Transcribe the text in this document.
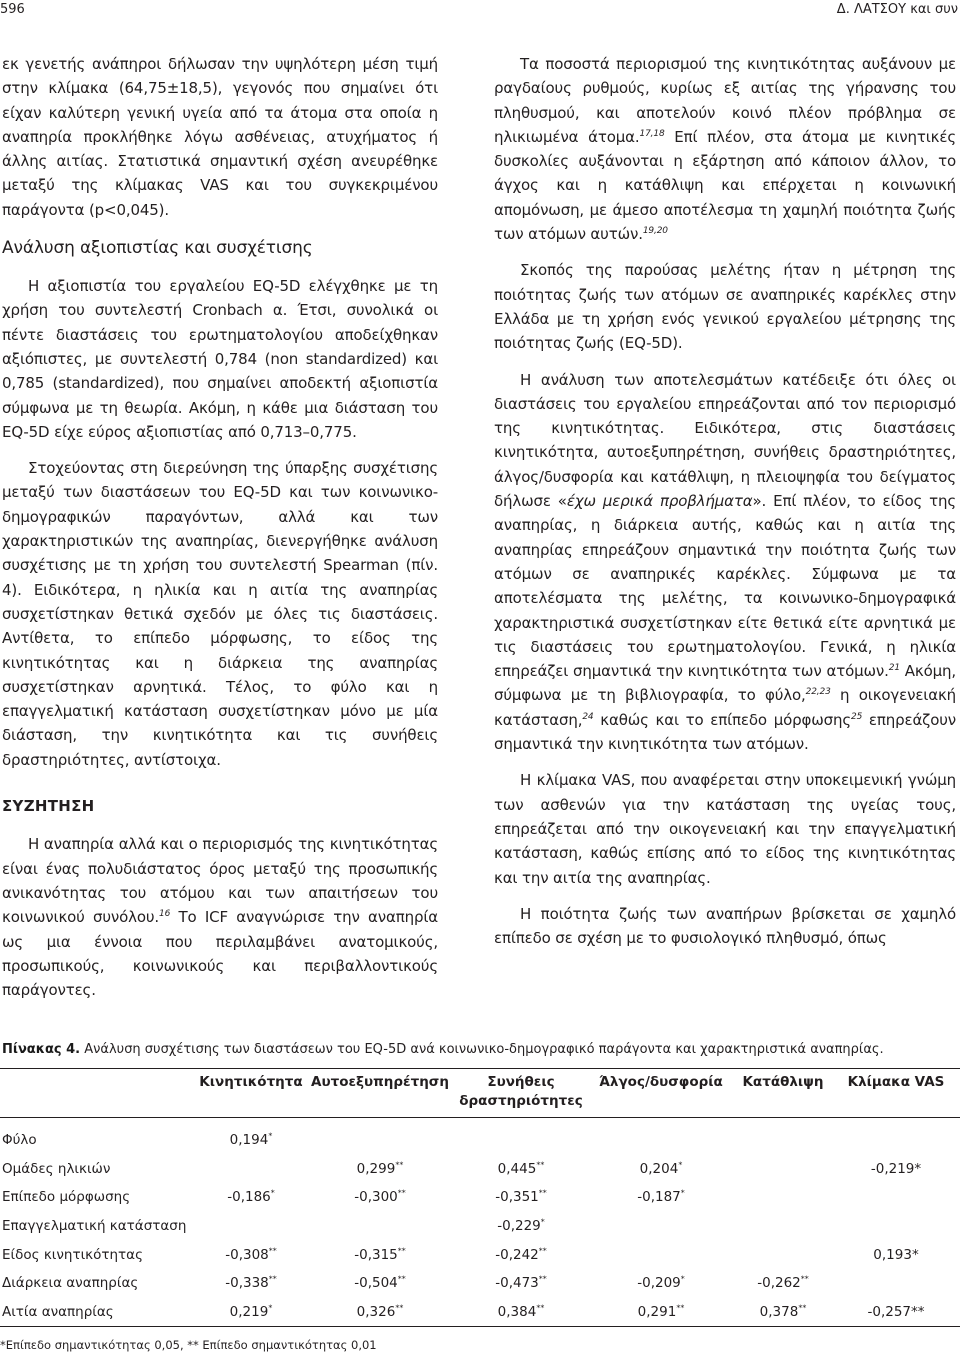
596	Δ. ΛΑΤΣΟΥ και συν

εκ γενετής ανάπηροι δήλωσαν την υψηλότερη μέση τιμή στην κλίμακα (64,75±18,5), γεγονός που σημαίνει ότι είχαν καλύτερη γενική υγεία από τα άτομα στα οποία η αναπηρία προκλήθηκε λόγω ασθένειας, ατυχήματος ή άλλης αιτίας. Στατιστικά σημαντική σχέση ανευρέθηκε μεταξύ της κλίμακας VAS και του συγκεκριμένου παράγοντα (p<0,045).

Ανάλυση αξιοπιστίας και συσχέτισης

Η αξιοπιστία του εργαλείου EQ-5D ελέγχθηκε με τη χρήση του συντελεστή Cronbach α. Έτσι, συνολικά οι πέντε διαστάσεις του ερωτηματολογίου αποδείχθηκαν αξιόπιστες, με συντελεστή 0,784 (non standardized) και 0,785 (standardized), που σημαίνει αποδεκτή αξιοπιστία σύμφωνα με τη θεωρία. Ακόμη, η κάθε μια διάσταση του EQ-5D είχε εύρος αξιοπιστίας από 0,713–0,775.

Στοχεύοντας στη διερεύνηση της ύπαρξης συσχέτισης μεταξύ των διαστάσεων του EQ-5D και των κοινωνικο-δημογραφικών παραγόντων, αλλά και των χαρακτηριστικών της αναπηρίας, διενεργήθηκε ανάλυση συσχέτισης με τη χρήση του συντελεστή Spearman (πίν. 4). Ειδικότερα, η ηλικία και η αιτία της αναπηρίας συσχετίστηκαν θετικά σχεδόν με όλες τις διαστάσεις. Αντίθετα, το επίπεδο μόρφωσης, το είδος της κινητικότητας και η διάρκεια της αναπηρίας συσχετίστηκαν αρνητικά. Τέλος, το φύλο και η επαγγελματική κατάσταση συσχετίστηκαν μόνο με μία διάσταση, την κινητικότητα και τις συνήθεις δραστηριότητες, αντίστοιχα.

ΣΥΖΗΤΗΣΗ

Η αναπηρία αλλά και ο περιορισμός της κινητικότητας είναι ένας πολυδιάστατος όρος μεταξύ της προσωπικής ανικανότητας του ατόμου και των απαιτήσεων του κοινωνικού συνόλου.$^{16}$ Το ICF αναγνώρισε την αναπηρία ως μια έννοια που περιλαμβάνει ανατομικούς, προσωπικούς, κοινωνικούς και περιβαλλοντικούς παράγοντες.

Τα ποσοστά περιορισμού της κινητικότητας αυξάνουν με ραγδαίους ρυθμούς, κυρίως εξ αιτίας της γήρανσης του πληθυσμού, και αποτελούν κοινό πλέον πρόβλημα σε ηλικιωμένα άτομα.$^{17,18}$ Επί πλέον, στα άτομα με κινητικές δυσκολίες αυξάνονται η εξάρτηση από κάποιον άλλον, το άγχος και η κατάθλιψη και επέρχεται η κοινωνική απομόνωση, με άμεσο αποτέλεσμα τη χαμηλή ποιότητα ζωής των ατόμων αυτών.$^{19,20}$

Σκοπός της παρούσας μελέτης ήταν η μέτρηση της ποιότητας ζωής των ατόμων σε αναπηρικές καρέκλες στην Ελλάδα με τη χρήση ενός γενικού εργαλείου μέτρησης της ποιότητας ζωής (EQ-5D).

Η ανάλυση των αποτελεσμάτων κατέδειξε ότι όλες οι διαστάσεις του εργαλείου επηρεάζονται από τον περιορισμό της κινητικότητας. Ειδικότερα, στις διαστάσεις κινητικότητα, αυτοεξυπηρέτηση, συνήθεις δραστηριότητες, άλγος/δυσφορία και κατάθλιψη, η πλειοψηφία του δείγματος δήλωσε «έχω μερικά προβλήματα». Επί πλέον, το είδος της αναπηρίας, η διάρκεια αυτής, καθώς και η αιτία της αναπηρίας επηρεάζουν σημαντικά την ποιότητα ζωής των ατόμων σε αναπηρικές καρέκλες. Σύμφωνα με τα αποτελέσματα της μελέτης, τα κοινωνικο-δημογραφικά χαρακτηριστικά συσχετίστηκαν είτε θετικά είτε αρνητικά με τις διαστάσεις του ερωτηματολογίου. Γενικά, η ηλικία επηρεάζει σημαντικά την κινητικότητα των ατόμων.$^{21}$ Ακόμη, σύμφωνα με τη βιβλιογραφία, το φύλο,$^{22,23}$ η οικογενειακή κατάσταση,$^{24}$ καθώς και το επίπεδο μόρφωσης$^{25}$ επηρεάζουν σημαντικά την κινητικότητα των ατόμων.

Η κλίμακα VAS, που αναφέρεται στην υποκειμενική γνώμη των ασθενών για την κατάσταση της υγείας τους, επηρεάζεται από την οικογενειακή και την επαγγελματική κατάσταση, καθώς επίσης από το είδος της κινητικότητας και την αιτία της αναπηρίας.

Η ποιότητα ζωής των αναπήρων βρίσκεται σε χαμηλό επίπεδο σε σχέση με το φυσιολογικό πληθυσμό, όπως

Πίνακας 4. Ανάλυση συσχέτισης των διαστάσεων του EQ-5D ανά κοινωνικο-δημογραφικό παράγοντα και χαρακτηριστικά αναπηρίας.
	Κινητικότητα	Αυτοεξυπηρέτηση	Συνήθεις δραστηριότητες	Άλγος/δυσφορία	Κατάθλιψη	Κλίμακα VAS
Φύλο	0,194*					
Ομάδες ηλικιών		0,299**	0,445**	0,204*		-0,219*
Επίπεδο μόρφωσης	-0,186*	-0,300**	-0,351**	-0,187*		
Επαγγελματική κατάσταση			-0,229*			
Είδος κινητικότητας	-0,308**	-0,315**	-0,242**			0,193*
Διάρκεια αναπηρίας	-0,338**	-0,504**	-0,473**	-0,209*	-0,262**	
Αιτία αναπηρίας	0,219*	0,326**	0,384**	0,291**	0,378**	-0,257**
*Επίπεδο σημαντικότητας 0,05, ** Επίπεδο σημαντικότητας 0,01
